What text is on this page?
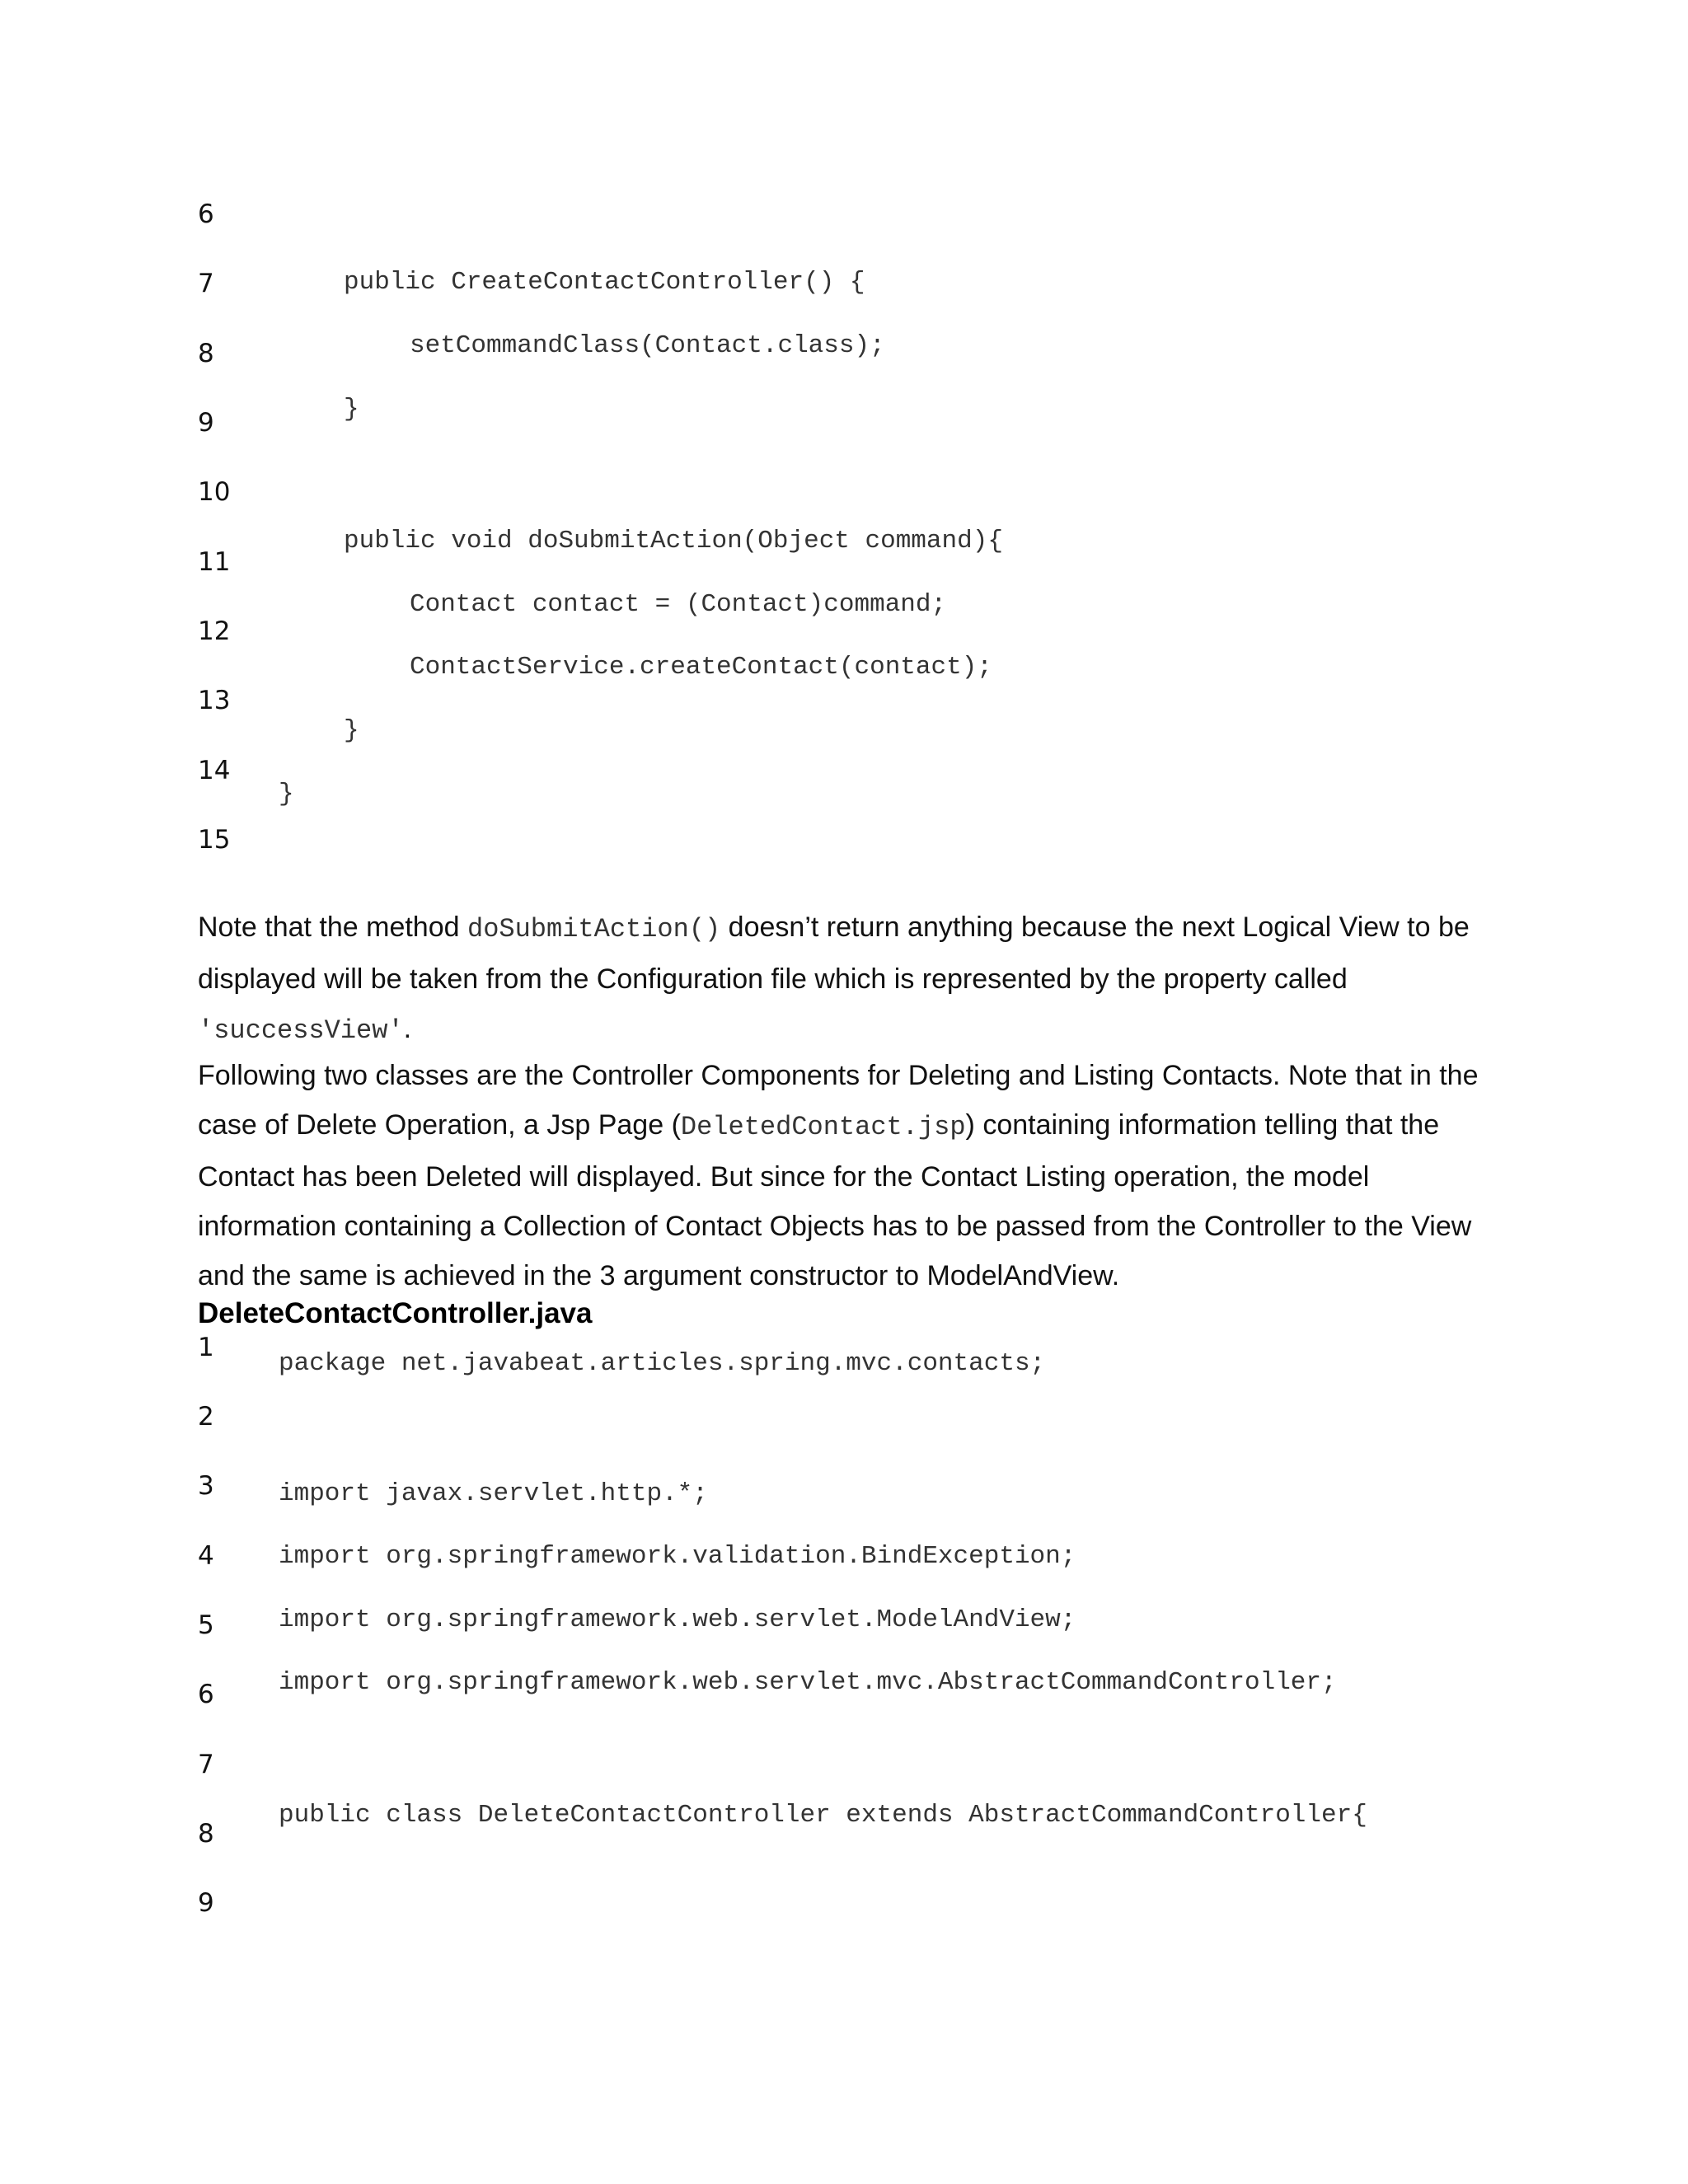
6
7
8
9
10
11
12
13
14
15
public CreateContactController() {
setCommandClass(Contact.class);
}
public void doSubmitAction(Object command){
Contact contact = (Contact)command;
ContactService.createContact(contact);
}
}

Note that the method doSubmitAction() doesn’t return anything because the next Logical View to be displayed will be taken from the Configuration file which is represented by the property called 'successView'.

Following two classes are the Controller Components for Deleting and Listing Contacts. Note that in the case of Delete Operation, a Jsp Page (DeletedContact.jsp) containing information telling that the Contact has been Deleted will displayed. But since for the Contact Listing operation, the model information containing a Collection of Contact Objects has to be passed from the Controller to the View and the same is achieved in the 3 argument constructor to ModelAndView.

DeleteContactController.java
1
2
3
4
5
6
7
8
9
package net.javabeat.articles.spring.mvc.contacts;
import javax.servlet.http.*;
import org.springframework.validation.BindException;
import org.springframework.web.servlet.ModelAndView;
import org.springframework.web.servlet.mvc.AbstractCommandController;
public class DeleteContactController extends AbstractCommandController{
